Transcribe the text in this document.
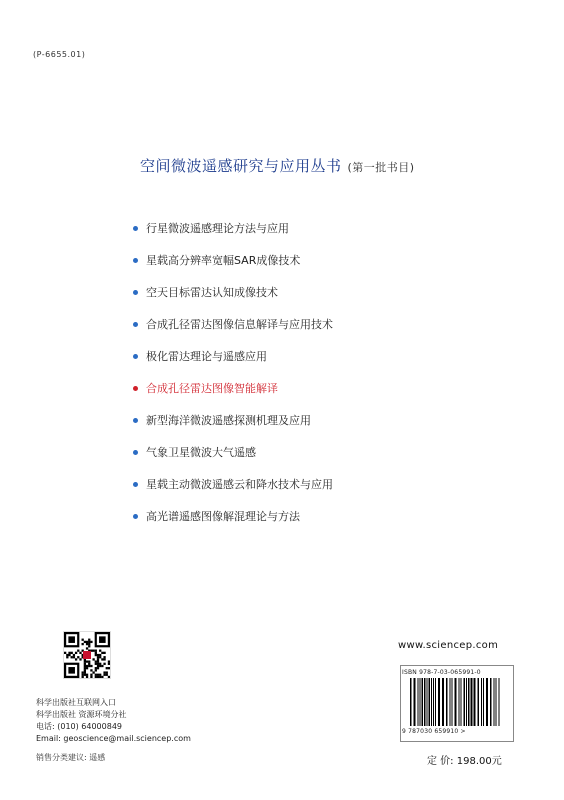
(P-6655.01)
空间微波遥感研究与应用丛书 (第一批书目)
行星微波遥感理论方法与应用
星载高分辨率宽幅SAR成像技术
空天目标雷达认知成像技术
合成孔径雷达图像信息解译与应用技术
极化雷达理论与遥感应用
合成孔径雷达图像智能解译
新型海洋微波遥感探测机理及应用
气象卫星微波大气遥感
星载主动微波遥感云和降水技术与应用
高光谱遥感图像解混理论与方法
科学出版社互联网入口
科学出版社 资源环境分社
电话: (010) 64000849
Email: geoscience@mail.sciencep.com
销售分类建议: 遥感
www.sciencep.com
ISBN 978-7-03-065991-0
9 787030 659910 >
定 价: 198.00元
